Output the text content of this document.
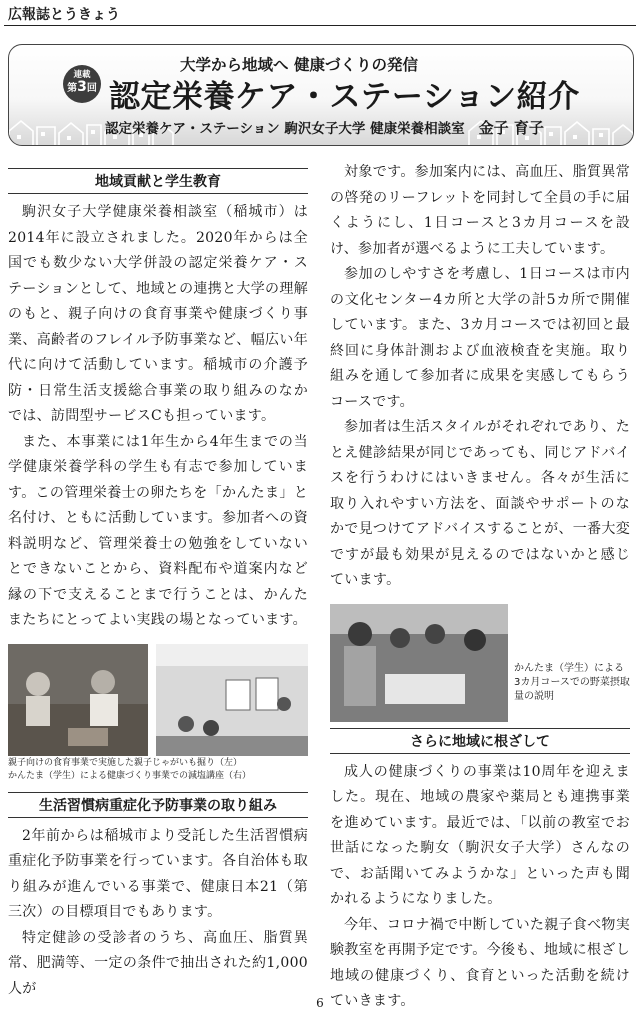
広報誌とうきょう
連載
第3回
大学から地域へ 健康づくりの発信
認定栄養ケア・ステーション紹介
認定栄養ケア・ステーション 駒沢女子大学 健康栄養相談室 金子 育子
地域貢献と学生教育

駒沢女子大学健康栄養相談室（稲城市）は2014年に設立されました。2020年からは全国でも数少ない大学併設の認定栄養ケア・ステーションとして、地域との連携と大学の理解のもと、親子向けの食育事業や健康づくり事業、高齢者のフレイル予防事業など、幅広い年代に向けて活動しています。稲城市の介護予防・日常生活支援総合事業の取り組みのなかでは、訪問型サービスCも担っています。

また、本事業には1年生から4年生までの当学健康栄養学科の学生も有志で参加しています。この管理栄養士の卵たちを「かんたま」と名付け、ともに活動しています。参加者への資料説明など、管理栄養士の勉強をしていないとできないことから、資料配布や道案内など縁の下で支えることまで行うことは、かんたまたちにとってよい実践の場となっています。

親子向けの食育事業で実施した親子じゃがいも掘り（左）
かんたま（学生）による健康づくり事業での減塩講座（右）
生活習慣病重症化予防事業の取り組み

2年前からは稲城市より受託した生活習慣病重症化予防事業を行っています。各自治体も取り組みが進んでいる事業で、健康日本21（第三次）の目標項目でもあります。

特定健診の受診者のうち、高血圧、脂質異常、肥満等、一定の条件で抽出された約1,000人が

対象です。参加案内には、高血圧、脂質異常の啓発のリーフレットを同封して全員の手に届くようにし、1日コースと3カ月コースを設け、参加者が選べるように工夫しています。

参加のしやすさを考慮し、1日コースは市内の文化センター4カ所と大学の計5カ所で開催しています。また、3カ月コースでは初回と最終回に身体計測および血液検査を実施。取り組みを通して参加者に成果を実感してもらうコースです。

参加者は生活スタイルがそれぞれであり、たとえ健診結果が同じであっても、同じアドバイスを行うわけにはいきません。各々が生活に取り入れやすい方法を、面談やサポートのなかで見つけてアドバイスすることが、一番大変ですが最も効果が見えるのではないかと感じています。

かんたま（学生）による3カ月コースでの野菜摂取量の説明
さらに地域に根ざして

成人の健康づくりの事業は10周年を迎えました。現在、地域の農家や薬局とも連携事業を進めています。最近では、「以前の教室でお世話になった駒女（駒沢女子大学）さんなので、お話聞いてみようかな」といった声も聞かれるようになりました。

今年、コロナ禍で中断していた親子食べ物実験教室を再開予定です。今後も、地域に根ざし地域の健康づくり、食育といった活動を続けていきます。

6
